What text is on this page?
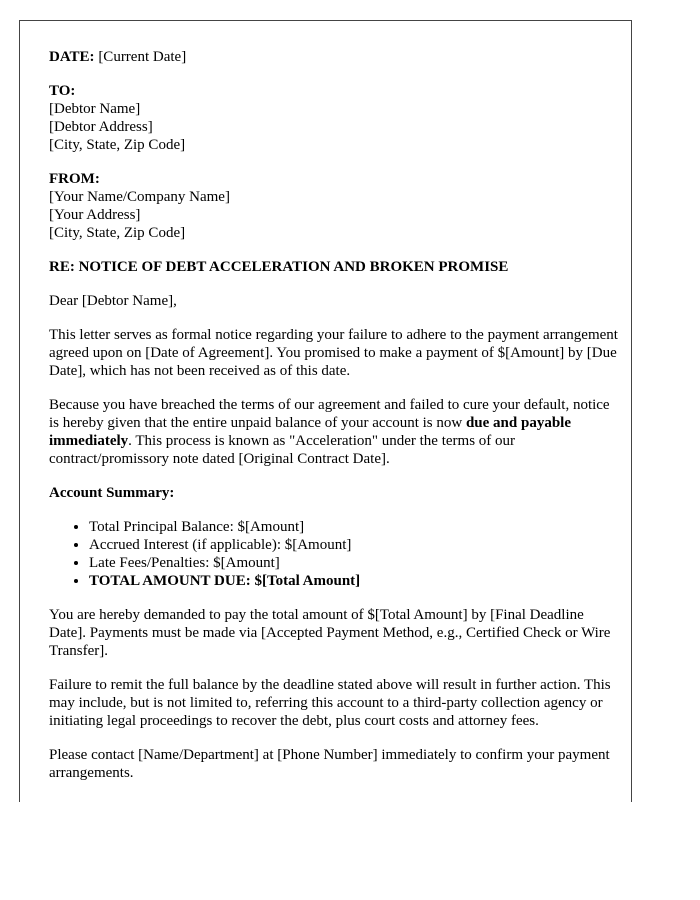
DATE: [Current Date]
TO:
[Debtor Name]
[Debtor Address]
[City, State, Zip Code]
FROM:
[Your Name/Company Name]
[Your Address]
[City, State, Zip Code]
RE: NOTICE OF DEBT ACCELERATION AND BROKEN PROMISE

Dear [Debtor Name],

This letter serves as formal notice regarding your failure to adhere to the payment arrangement agreed upon on [Date of Agreement]. You promised to make a payment of $[Amount] by [Due Date], which has not been received as of this date.

Because you have breached the terms of our agreement and failed to cure your default, notice is hereby given that the entire unpaid balance of your account is now due and payable immediately. This process is known as "Acceleration" under the terms of our contract/promissory note dated [Original Contract Date].

Account Summary:
• Total Principal Balance: $[Amount]
• Accrued Interest (if applicable): $[Amount]
• Late Fees/Penalties: $[Amount]
• TOTAL AMOUNT DUE: $[Total Amount]

You are hereby demanded to pay the total amount of $[Total Amount] by [Final Deadline Date]. Payments must be made via [Accepted Payment Method, e.g., Certified Check or Wire Transfer].

Failure to remit the full balance by the deadline stated above will result in further action. This may include, but is not limited to, referring this account to a third-party collection agency or initiating legal proceedings to recover the debt, plus court costs and attorney fees.

Please contact [Name/Department] at [Phone Number] immediately to confirm your payment arrangements.
